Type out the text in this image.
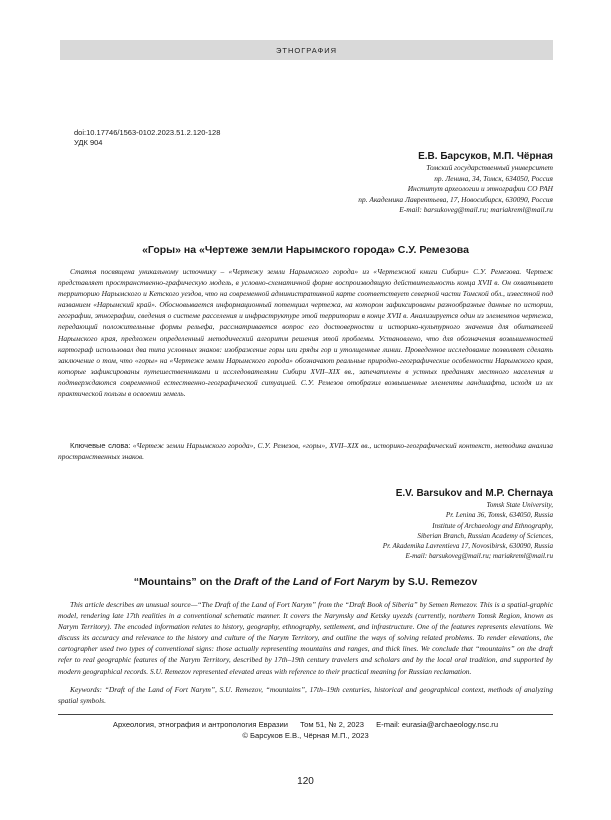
ЭТНОГРАФИЯ
doi:10.17746/1563-0102.2023.51.2.120-128
УДК 904
Е.В. Барсуков, М.П. Чёрная
Томский государственный университет
пр. Ленина, 34, Томск, 634050, Россия
Институт археологии и этнографии СО РАН
пр. Академика Лаврентьева, 17, Новосибирск, 630090, Россия
E-mail: barsukoveg@mail.ru; mariakreml@mail.ru
«Горы» на «Чертеже земли Нарымского города» С.У. Ремезова
Статья посвящена уникальному источнику – «Чертежу земли Нарымского города» из «Чертежной книги Сибири» С.У. Ремезова. Чертеж представляет пространственно-графическую модель, в условно-схематичной форме воспроизводящую действительность конца XVII в. Он охватывает территорию Нарымского и Кетского уездов, что на современной административной карте соответствует северной части Томской обл., известной под названием «Нарымский край». Обосновывается информационный потенциал чертежа, на котором зафиксированы разнообразные данные по истории, географии, этнографии, сведения о системе расселения и инфраструктуре этой территории в конце XVII в. Анализируется один из элементов чертежа, передающий положительные формы рельефа, рассматривается вопрос его достоверности и историко-культурного значения для обитателей Нарымского края, предложен определенный методический алгоритм решения этой проблемы. Установлено, что для обозначения возвышенностей картограф использовал два типа условных знаков: изображение горы или гряды гор и утолщенные линии. Проведенное исследование позволяет сделать заключение о том, что «горы» на «Чертеже земли Нарымского города» обозначают реальные природно-географические особенности Нарымского края, которые зафиксированы путешественниками и исследователями Сибири XVII–XIX вв., запечатлены в устных преданиях местного населения и подтверждаются современной естественно-географической ситуацией. С.У. Ремезов отобразил возвышенные элементы ландшафта, исходя из их практической пользы в освоении земель.
Ключевые слова: «Чертеж земли Нарымского города», С.У. Ремезов, «горы», XVII–XIX вв., историко-географический контекст, методика анализа пространственных знаков.
E.V. Barsukov and M.P. Chernaya
Tomsk State University,
Pr. Lenina 36, Tomsk, 634050, Russia
Institute of Archaeology and Ethnography,
Siberian Branch, Russian Academy of Sciences,
Pr. Akademika Lavrentieva 17, Novosibirsk, 630090, Russia
E-mail: barsukoveg@mail.ru; mariakreml@mail.ru
“Mountains” on the Draft of the Land of Fort Narym by S.U. Remezov
This article describes an unusual source—“The Draft of the Land of Fort Narym” from the “Draft Book of Siberia” by Semen Remezov. This is a spatial-graphic model, rendering late 17th realities in a conventional schematic manner. It covers the Narymsky and Ketsky uyezds (currently, northern Tomsk Region, known as Narym Territory). The encoded information relates to history, geography, ethnography, settlement, and infrastructure. One of the features represents elevations. We discuss its accuracy and relevance to the history and culture of the Narym Territory, and outline the ways of solving related problems. To render elevations, the cartographer used two types of conventional signs: those actually representing mountains and ranges, and thick lines. We conclude that “mountains” on the draft refer to real geographic features of the Narym Territory, described by 17th–19th century travelers and scholars and by the local oral tradition, and supported by modern geographical records. S.U. Remezov represented elevated areas with reference to their practical meaning for Russian reclamation.
Keywords: “Draft of the Land of Fort Narym”, S.U. Remezov, “mountains”, 17th–19th centuries, historical and geographical context, methods of analyzing spatial symbols.
Археология, этнография и антропология Евразии Том 51, № 2, 2023 E-mail: eurasia@archaeology.nsc.ru
© Барсуков Е.В., Чёрная М.П., 2023
120
